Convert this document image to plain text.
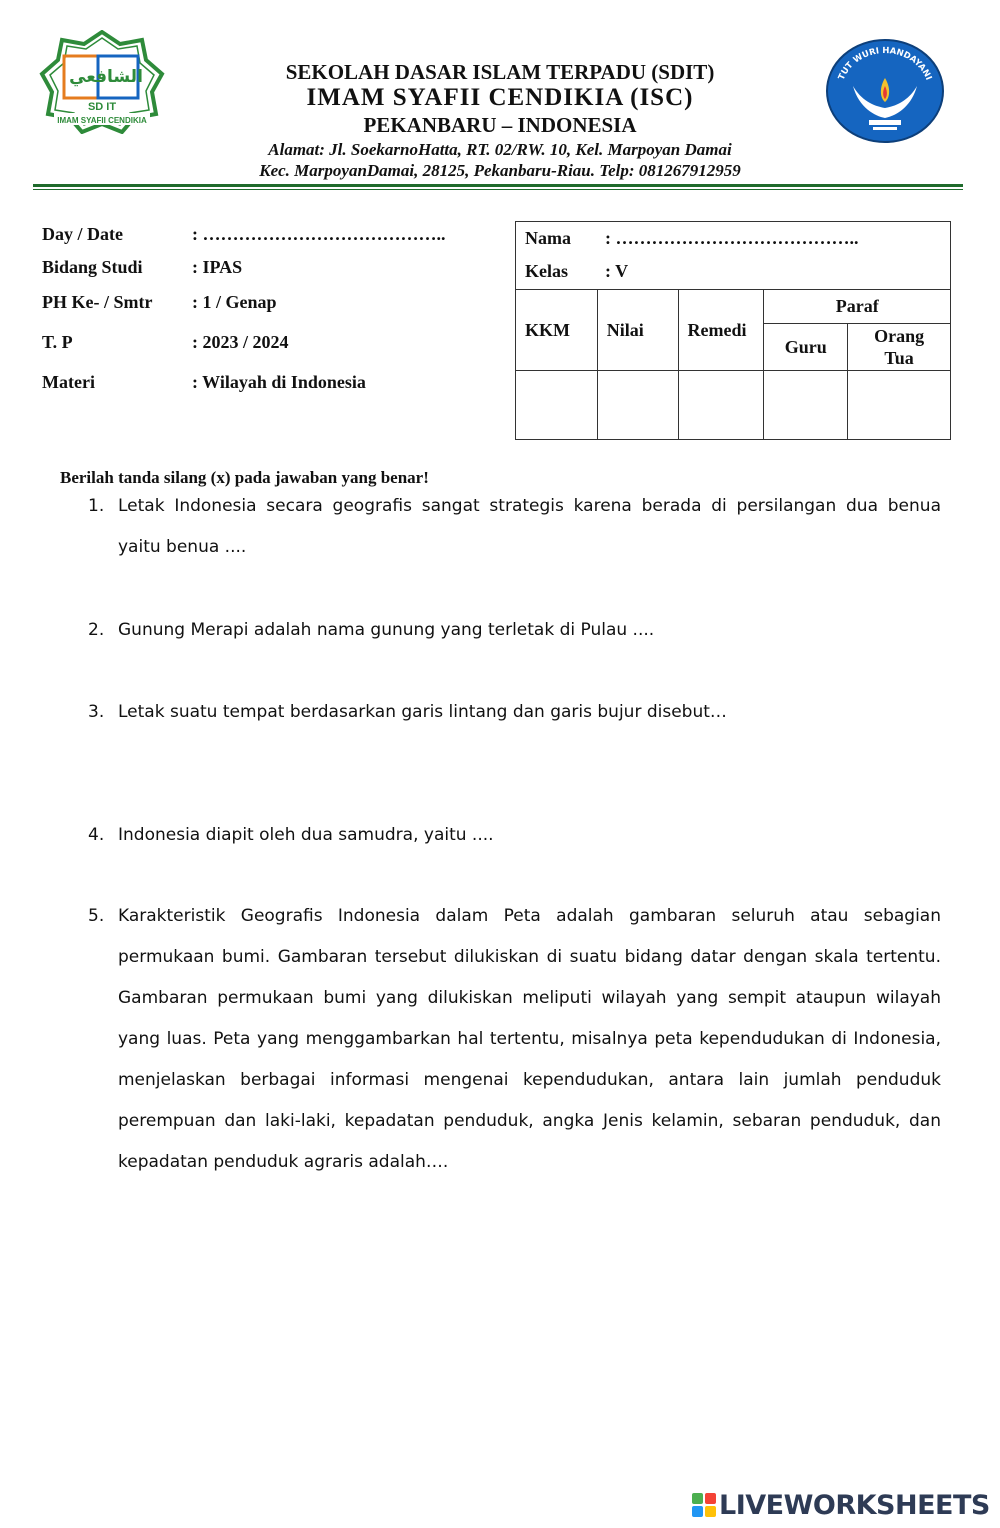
الشافعي
SD IT
IMAM SYAFII CENDIKIA
TUT WURI HANDAYANI
SEKOLAH DASAR ISLAM TERPADU (SDIT)
IMAM SYAFII CENDIKIA (ISC)
PEKANBARU – INDONESIA
Alamat: Jl. SoekarnoHatta, RT. 02/RW. 10, Kel. Marpoyan Damai
Kec. MarpoyanDamai, 28125, Pekanbaru-Riau. Telp: 081267912959
Day / Date	: …………………………………..
Bidang Studi	: IPAS
PH Ke- / Smtr : 1 / Genap
T. P	: 2023 / 2024
Materi	: Wilayah di Indonesia
Nama : …………………………………..				
Kelas : V				
KKM	Nilai	Remedi	Paraf	
			Guru	Orang Tua

Berilah tanda silang (x) pada jawaban yang benar!
1. Letak Indonesia secara geografis sangat strategis karena berada di persilangan dua benua yaitu benua ....
2. Gunung Merapi adalah nama gunung yang terletak di Pulau ....
3. Letak suatu tempat berdasarkan garis lintang dan garis bujur disebut…
4. Indonesia diapit oleh dua samudra, yaitu ....
5. Karakteristik Geografis Indonesia dalam Peta adalah gambaran seluruh atau sebagian permukaan bumi. Gambaran tersebut dilukiskan di suatu bidang datar dengan skala tertentu. Gambaran permukaan bumi yang dilukiskan meliputi wilayah yang sempit ataupun wilayah yang luas. Peta yang menggambarkan hal tertentu, misalnya peta kependudukan di Indonesia, menjelaskan berbagai informasi mengenai kependudukan, antara lain jumlah penduduk perempuan dan laki-laki, kepadatan penduduk, angka Jenis kelamin, sebaran penduduk, dan kepadatan penduduk agraris adalah….
LIVEWORKSHEETS
